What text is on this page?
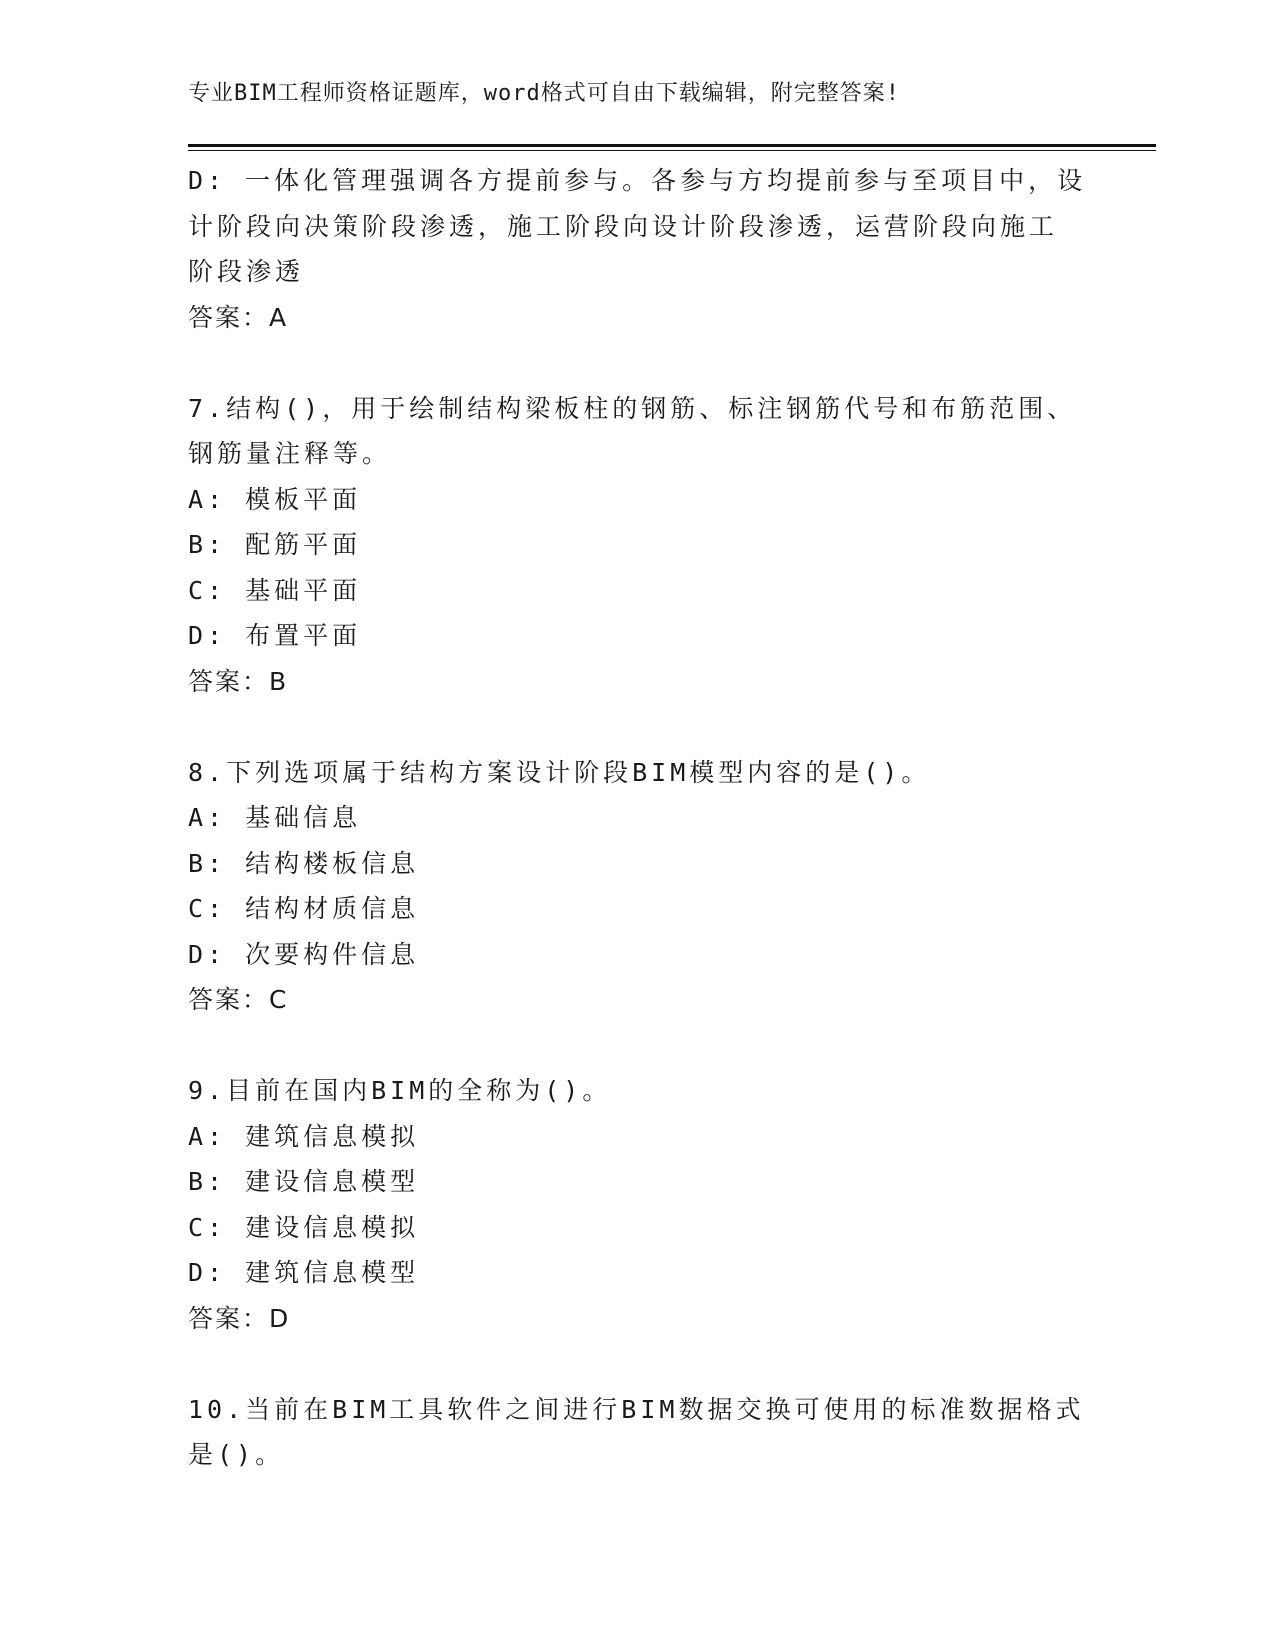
专业BIM工程师资格证题库，word格式可自由下载编辑，附完整答案!
D: 一体化管理强调各方提前参与。各参与方均提前参与至项目中，设
计阶段向决策阶段渗透，施工阶段向设计阶段渗透，运营阶段向施工
阶段渗透
答案：A
7.结构()，用于绘制结构梁板柱的钢筋、标注钢筋代号和布筋范围、
钢筋量注释等。
A: 模板平面
B: 配筋平面
C: 基础平面
D: 布置平面
答案：B
8.下列选项属于结构方案设计阶段BIM模型内容的是()。
A: 基础信息
B: 结构楼板信息
C: 结构材质信息
D: 次要构件信息
答案：C
9.目前在国内BIM的全称为()。
A: 建筑信息模拟
B: 建设信息模型
C: 建设信息模拟
D: 建筑信息模型
答案：D
10.当前在BIM工具软件之间进行BIM数据交换可使用的标准数据格式
是()。
